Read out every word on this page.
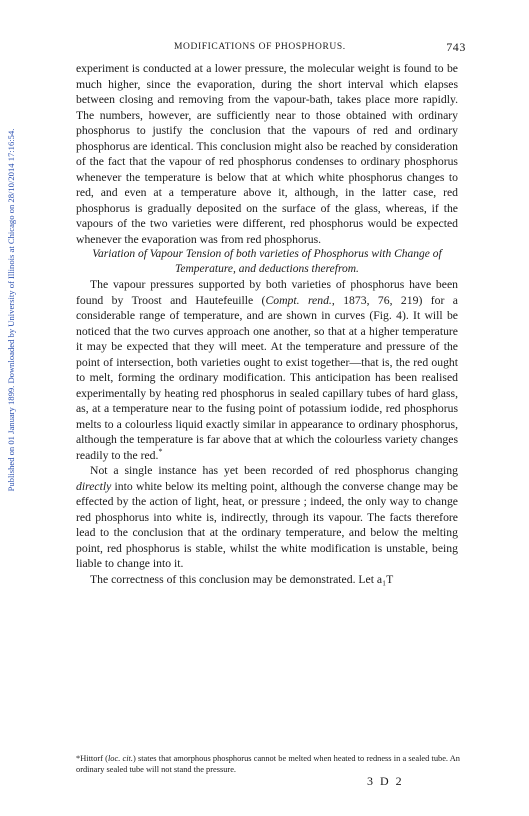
Published on 01 January 1899. Downloaded by University of Illinois at Chicago on 28/10/2014 17:16:54.
MODIFICATIONS OF PHOSPHORUS.	743

experiment is conducted at a lower pressure, the molecular weight is found to be much higher, since the evaporation, during the short interval which elapses between closing and removing from the vapour-bath, takes place more rapidly. The numbers, however, are sufficiently near to those obtained with ordinary phosphorus to justify the conclusion that the vapours of red and ordinary phosphorus are identical. This conclusion might also be reached by consideration of the fact that the vapour of red phosphorus condenses to ordinary phosphorus whenever the temperature is below that at which white phosphorus changes to red, and even at a temperature above it, although, in the latter case, red phosphorus is gradually deposited on the surface of the glass, whereas, if the vapours of the two varieties were different, red phosphorus would be expected whenever the evaporation was from red phosphorus.

Variation of Vapour Tension of both varieties of Phosphorus with Change of Temperature, and deductions therefrom.

The vapour pressures supported by both varieties of phosphorus have been found by Troost and Hautefeuille (Compt. rend., 1873, 76, 219) for a considerable range of temperature, and are shown in curves (Fig. 4). It will be noticed that the two curves approach one another, so that at a higher temperature it may be expected that they will meet. At the temperature and pressure of the point of intersection, both varieties ought to exist together—that is, the red ought to melt, forming the ordinary modification. This anticipation has been realised experimentally by heating red phosphorus in sealed capillary tubes of hard glass, as, at a temperature near to the fusing point of potassium iodide, red phosphorus melts to a colourless liquid exactly similar in appearance to ordinary phosphorus, although the temperature is far above that at which the colourless variety changes readily to the red.*

Not a single instance has yet been recorded of red phosphorus changing directly into white below its melting point, although the converse change may be effected by the action of light, heat, or pressure ; indeed, the only way to change red phosphorus into white is, indirectly, through its vapour. The facts therefore lead to the conclusion that at the ordinary temperature, and below the melting point, red phosphorus is stable, whilst the white modification is unstable, being liable to change into it.

The correctness of this conclusion may be demonstrated. Let a₁T

*Hittorf (loc. cit.) states that amorphous phosphorus cannot be melted when heated to redness in a sealed tube. An ordinary sealed tube will not stand the pressure.
3 D 2
